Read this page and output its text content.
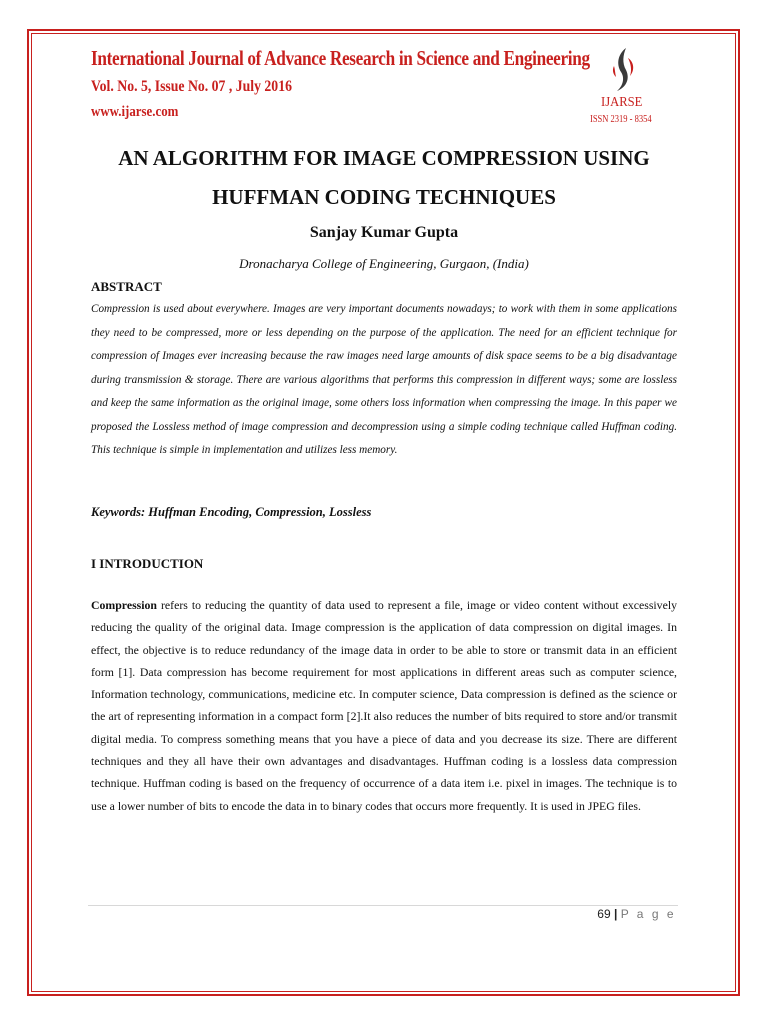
International Journal of Advance Research in Science and Engineering
Vol. No. 5, Issue No. 07 , July 2016
www.ijarse.com
IJARSE
ISSN 2319 - 8354
AN ALGORITHM FOR IMAGE COMPRESSION USING
HUFFMAN CODING TECHNIQUES
Sanjay Kumar Gupta
Dronacharya College of Engineering, Gurgaon, (India)
ABSTRACT
Compression is used about everywhere. Images are very important documents nowadays; to work with them in some applications they need to be compressed, more or less depending on the purpose of the application. The need for an efficient technique for compression of Images ever increasing because the raw images need large amounts of disk space seems to be a big disadvantage during transmission & storage. There are various algorithms that performs this compression in different ways; some are lossless and keep the same information as the original image, some others loss information when compressing the image. In this paper we proposed the Lossless method of image compression and decompression using a simple coding technique called Huffman coding. This technique is simple in implementation and utilizes less memory.
Keywords: Huffman Encoding, Compression, Lossless
I INTRODUCTION
Compression refers to reducing the quantity of data used to represent a file, image or video content without excessively reducing the quality of the original data. Image compression is the application of data compression on digital images. In effect, the objective is to reduce redundancy of the image data in order to be able to store or transmit data in an efficient form [1]. Data compression has become requirement for most applications in different areas such as computer science, Information technology, communications, medicine etc. In computer science, Data compression is defined as the science or the art of representing information in a compact form [2].It also reduces the number of bits required to store and/or transmit digital media. To compress something means that you have a piece of data and you decrease its size. There are different techniques and they all have their own advantages and disadvantages. Huffman coding is a lossless data compression technique. Huffman coding is based on the frequency of occurrence of a data item i.e. pixel in images. The technique is to use a lower number of bits to encode the data in to binary codes that occurs more frequently. It is used in JPEG files.
69 | P a g e
